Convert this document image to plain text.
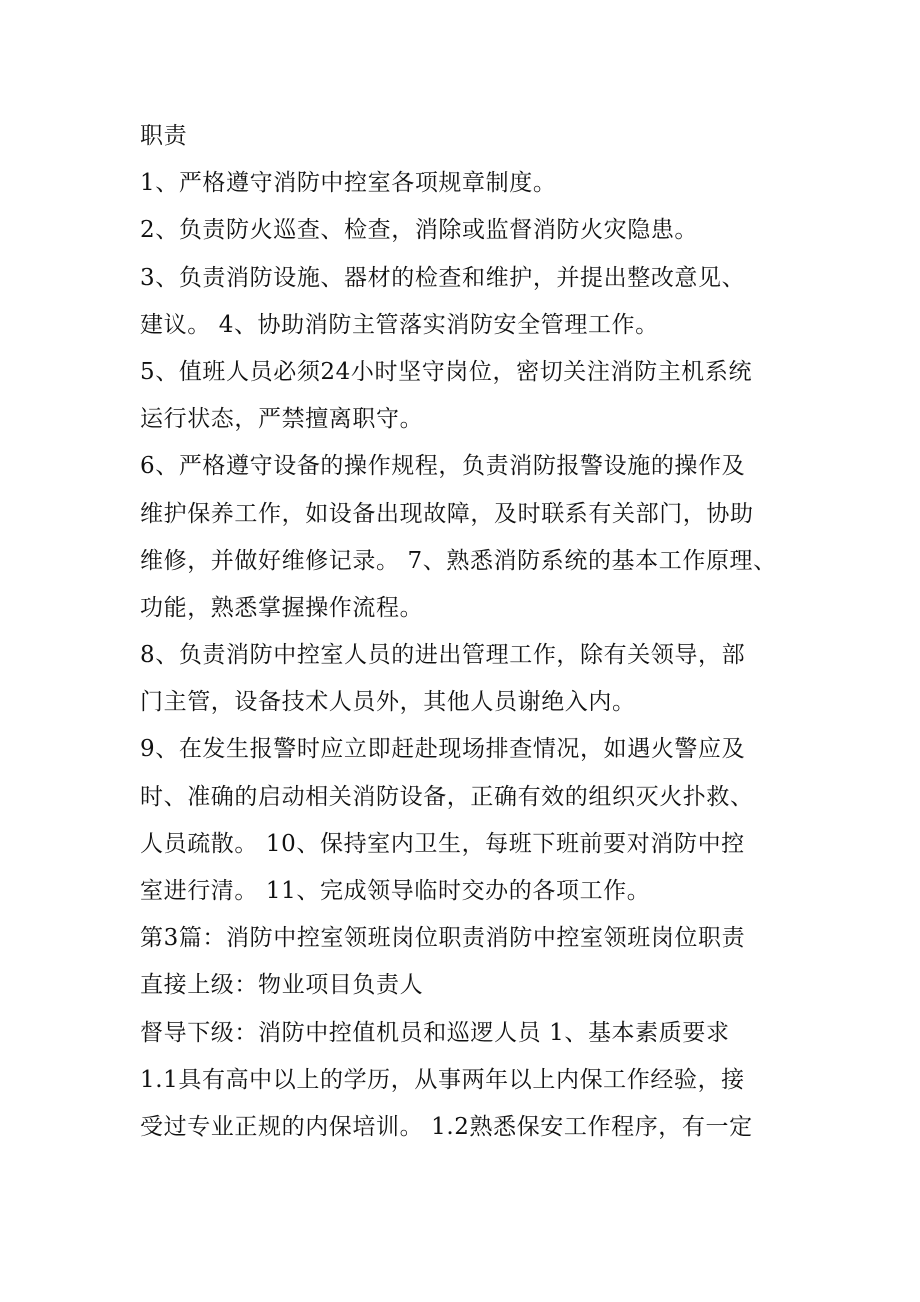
职责
1、严格遵守消防中控室各项规章制度。
2、负责防火巡查、检查，消除或监督消防火灾隐患。
3、负责消防设施、器材的检查和维护，并提出整改意见、
建议。 4、协助消防主管落实消防安全管理工作。
5、值班人员必须24小时坚守岗位，密切关注消防主机系统
运行状态，严禁擅离职守。
6、严格遵守设备的操作规程，负责消防报警设施的操作及
维护保养工作，如设备出现故障，及时联系有关部门，协助
维修，并做好维修记录。 7、熟悉消防系统的基本工作原理、
功能，熟悉掌握操作流程。
8、负责消防中控室人员的进出管理工作，除有关领导，部
门主管，设备技术人员外，其他人员谢绝入内。
9、在发生报警时应立即赶赴现场排查情况，如遇火警应及
时、准确的启动相关消防设备，正确有效的组织灭火扑救、
人员疏散。 10、保持室内卫生，每班下班前要对消防中控
室进行清。 11、完成领导临时交办的各项工作。
第3篇：消防中控室领班岗位职责消防中控室领班岗位职责
直接上级：物业项目负责人
督导下级：消防中控值机员和巡逻人员 1、基本素质要求
1.1具有高中以上的学历，从事两年以上内保工作经验，接
受过专业正规的内保培训。 1.2熟悉保安工作程序，有一定
